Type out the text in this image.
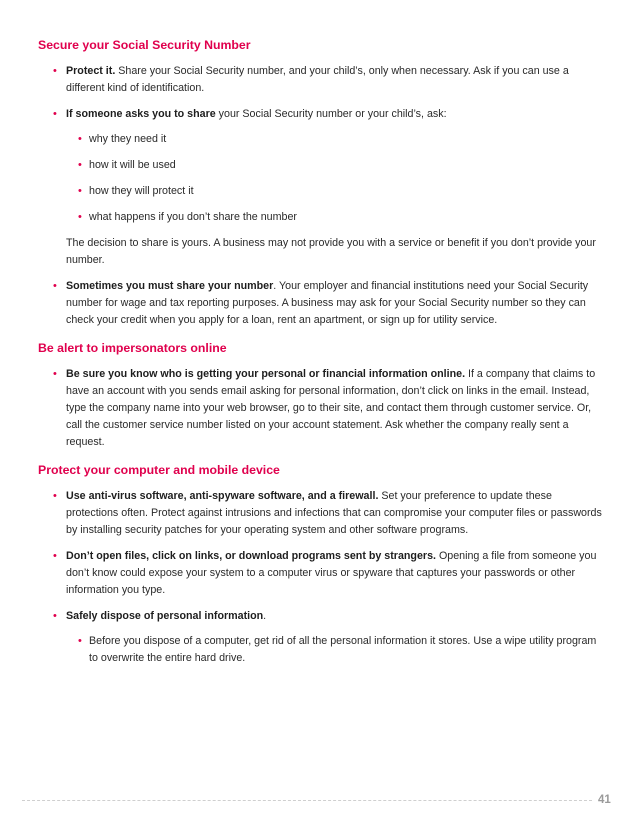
Secure your Social Security Number
• Protect it. Share your Social Security number, and your child’s, only when necessary. Ask if you can use a different kind of identification.
• If someone asks you to share your Social Security number or your child’s, ask:
• why they need it
• how it will be used
• how they will protect it
• what happens if you don’t share the number
The decision to share is yours. A business may not provide you with a service or benefit if you don’t provide your number.
• Sometimes you must share your number. Your employer and financial institutions need your Social Security number for wage and tax reporting purposes. A business may ask for your Social Security number so they can check your credit when you apply for a loan, rent an apartment, or sign up for utility service.
Be alert to impersonators online
• Be sure you know who is getting your personal or financial information online. If a company that claims to have an account with you sends email asking for personal information, don’t click on links in the email. Instead, type the company name into your web browser, go to their site, and contact them through customer service. Or, call the customer service number listed on your account statement. Ask whether the company really sent a request.
Protect your computer and mobile device
• Use anti-virus software, anti-spyware software, and a firewall. Set your preference to update these protections often. Protect against intrusions and infections that can compromise your computer files or passwords by installing security patches for your operating system and other software programs.
• Don’t open files, click on links, or download programs sent by strangers. Opening a file from someone you don’t know could expose your system to a computer virus or spyware that captures your passwords or other information you type.
• Safely dispose of personal information.
• Before you dispose of a computer, get rid of all the personal information it stores. Use a wipe utility program to overwrite the entire hard drive.
41
